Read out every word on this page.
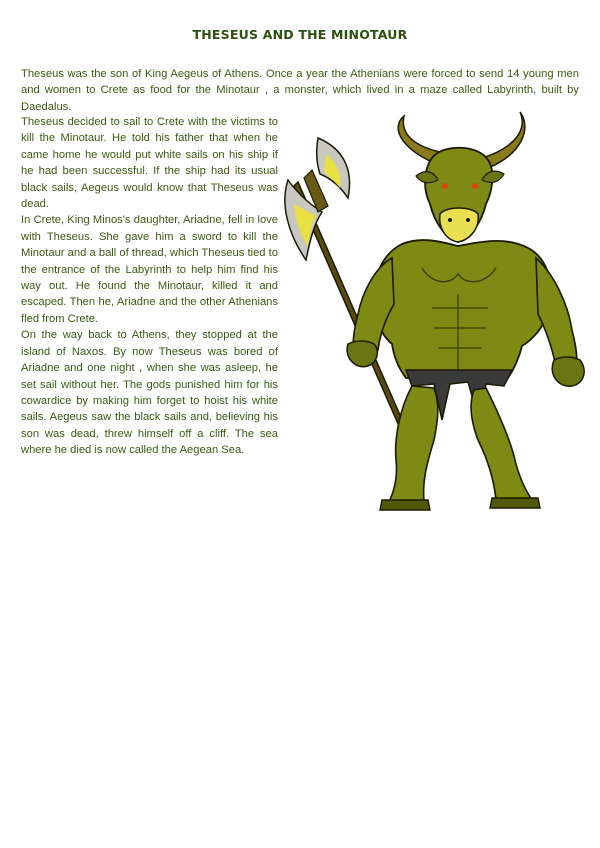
THESEUS AND THE MINOTAUR

Theseus was the son of King Aegeus of Athens. Once a year the Athenians were forced to send 14 young men and women to Crete as food for the Minotaur , a monster, which lived in a maze called Labyrinth, built by Daedalus.

Theseus decided to sail to Crete with the victims to kill the Minotaur. He told his father that when he came home he would put white sails on his ship if he had been successful. If the ship had its usual black sails, Aegeus would know that Theseus was dead.

In Crete, King Minos's daughter, Ariadne, fell in love with Theseus. She gave him a sword to kill the Minotaur and a ball of thread, which Theseus tied to the entrance of the Labyrinth to help him find his way out. He found the Minotaur, killed it and escaped. Then he, Ariadne and the other Athenians fled from Crete.

On the way back to Athens, they stopped at the island of Naxos. By now Theseus was bored of Ariadne and one night , when she was asleep, he set sail without her. The gods punished him for his cowardice by making him forget to hoist his white sails. Aegeus saw the black sails and, believing his son was dead, threw himself off a cliff. The sea where he died is now called the Aegean Sea.
